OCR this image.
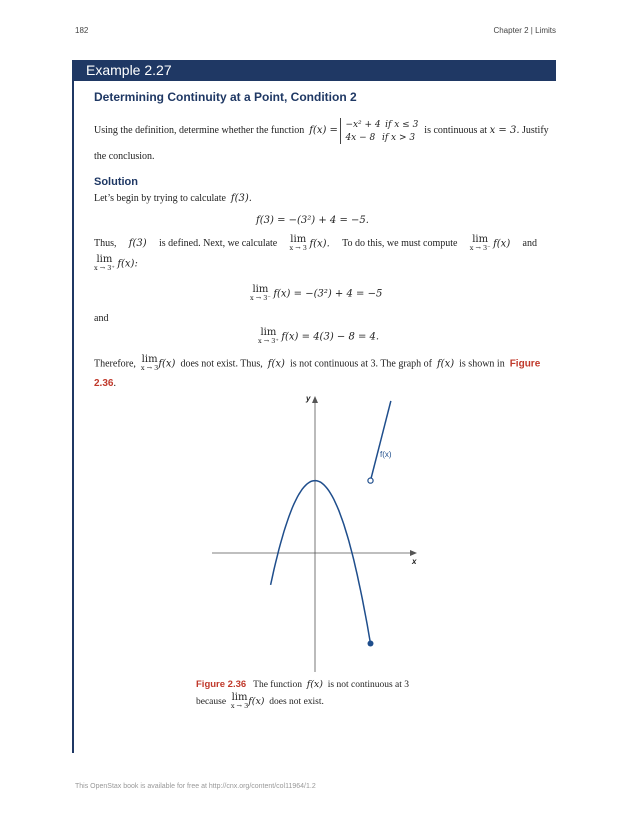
182	Chapter 2 | Limits
Example 2.27
Determining Continuity at a Point, Condition 2
Using the definition, determine whether the function
f(x) =
−x² + 4 if x ≤ 3
4x − 8 if x > 3
is continuous at
x = 3.
Justify
the conclusion.
Solution
Let’s begin by trying to calculate f(3).
f(3) = −(3²) + 4 = −5.
Thus, f(3) is defined. Next, we calculate lim
x → 3 f(x). To do this, we must compute lim
x → 3⁻ f(x) and
lim
x → 3⁺ f(x):
lim
x → 3⁻ f(x) = −(3²) + 4 = −5
and
lim
x → 3⁺ f(x) = 4(3) − 8 = 4.
Therefore, lim
x → 3 f(x) does not exist. Thus, f(x) is not continuous at 3. The graph of f(x) is shown in Figure
2.36.
x
y
f(x)
Figure 2.36 The function f(x) is not continuous at 3
because lim
x → 3 f(x) does not exist.
This OpenStax book is available for free at http://cnx.org/content/col11964/1.2
